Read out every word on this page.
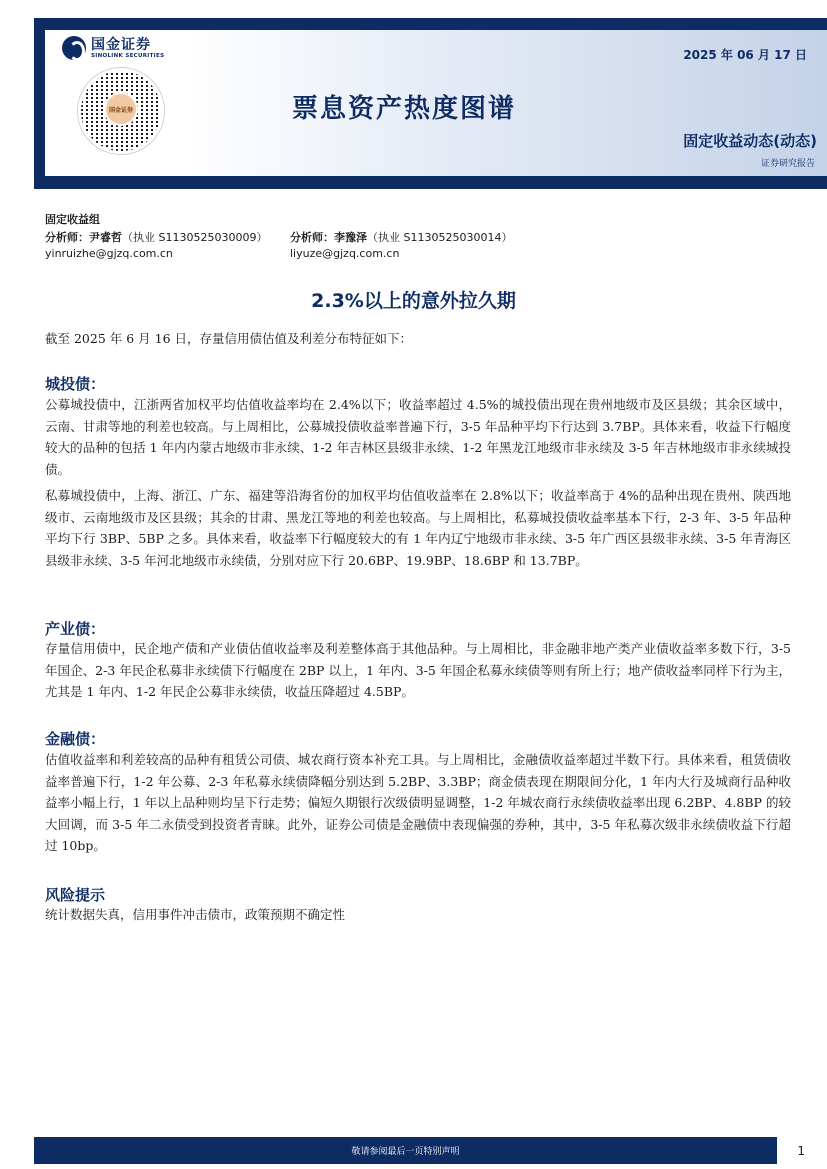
国金证券
SINOLINK SECURITIES
国金证券
2025 年 06 月 17 日
票息资产热度图谱
固定收益动态(动态)
证券研究报告
固定收益组
分析师：尹睿哲（执业 S1130525030009） 分析师：李豫泽（执业 S1130525030014）
yinruizhe@gjzq.com.cn	liyuze@gjzq.com.cn
2.3%以上的意外拉久期
截至 2025 年 6 月 16 日，存量信用债估值及利差分布特征如下：
城投债：
公募城投债中，江浙两省加权平均估值收益率均在 2.4%以下；收益率超过 4.5%的城投债出现在贵州地级市及区县级；其余区域中，云南、甘肃等地的利差也较高。与上周相比，公募城投债收益率普遍下行，3-5 年品种平均下行达到 3.7BP。具体来看，收益下行幅度较大的品种的包括 1 年内内蒙古地级市非永续、1-2 年吉林区县级非永续、1-2 年黑龙江地级市非永续及 3-5 年吉林地级市非永续城投债。
私募城投债中，上海、浙江、广东、福建等沿海省份的加权平均估值收益率在 2.8%以下；收益率高于 4%的品种出现在贵州、陕西地级市、云南地级市及区县级；其余的甘肃、黑龙江等地的利差也较高。与上周相比，私募城投债收益率基本下行，2-3 年、3-5 年品种平均下行 3BP、5BP 之多。具体来看，收益率下行幅度较大的有 1 年内辽宁地级市非永续、3-5 年广西区县级非永续、3-5 年青海区县级非永续、3-5 年河北地级市永续债，分别对应下行 20.6BP、19.9BP、18.6BP 和 13.7BP。
产业债：
存量信用债中，民企地产债和产业债估值收益率及利差整体高于其他品种。与上周相比，非金融非地产类产业债收益率多数下行，3-5 年国企、2-3 年民企私募非永续债下行幅度在 2BP 以上，1 年内、3-5 年国企私募永续债等则有所上行；地产债收益率同样下行为主，尤其是 1 年内、1-2 年民企公募非永续债，收益压降超过 4.5BP。
金融债：
估值收益率和利差较高的品种有租赁公司债、城农商行资本补充工具。与上周相比，金融债收益率超过半数下行。具体来看，租赁债收益率普遍下行，1-2 年公募、2-3 年私募永续债降幅分别达到 5.2BP、3.3BP；商金债表现在期限间分化，1 年内大行及城商行品种收益率小幅上行，1 年以上品种则均呈下行走势；偏短久期银行次级债明显调整，1-2 年城农商行永续债收益率出现 6.2BP、4.8BP 的较大回调，而 3-5 年二永债受到投资者青睐。此外，证券公司债是金融债中表现偏强的券种，其中，3-5 年私募次级非永续债收益下行超过 10bp。
风险提示
统计数据失真，信用事件冲击债市，政策预期不确定性
敬请参阅最后一页特别声明	1
